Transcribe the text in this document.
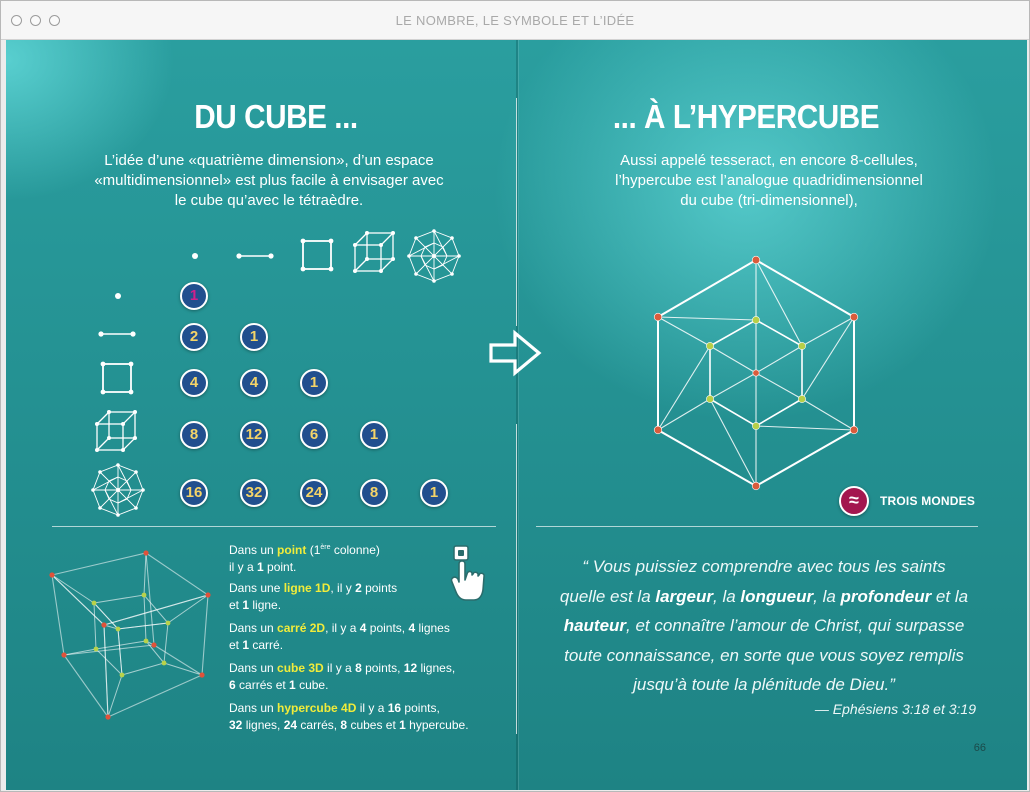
LE NOMBRE, LE SYMBOLE ET L’IDÉE
DU CUBE ...
L’idée d’une «quatrième dimension», d’un espace
«multidimensionnel» est plus facile à envisager avec
le cube qu’avec le tétraèdre.
1
2	1
4	4	1
8	12	6	1
16	32	24	8	1
Dans un point (1ère colonne)
il y a 1 point.
Dans une ligne 1D, il y 2 points
et 1 ligne.
Dans un carré 2D, il y a 4 points, 4 lignes
et 1 carré.
Dans un cube 3D il y a 8 points, 12 lignes,
6 carrés et 1 cube.
Dans un hypercube 4D il y a 16 points,
32 lignes, 24 carrés, 8 cubes et 1 hypercube.
... À L’HYPERCUBE
Aussi appelé tesseract, en encore 8-cellules,
l’hypercube est l’analogue quadridimensionnel
du cube (tri-dimensionnel),
≈	TROIS MONDES
“ Vous puissiez comprendre avec tous les saints
quelle est la largeur, la longueur, la profondeur et la
hauteur, et connaître l’amour de Christ, qui surpasse
toute connaissance, en sorte que vous soyez remplis
jusqu’à toute la plénitude de Dieu.”
— Ephésiens 3:18 et 3:19
66
